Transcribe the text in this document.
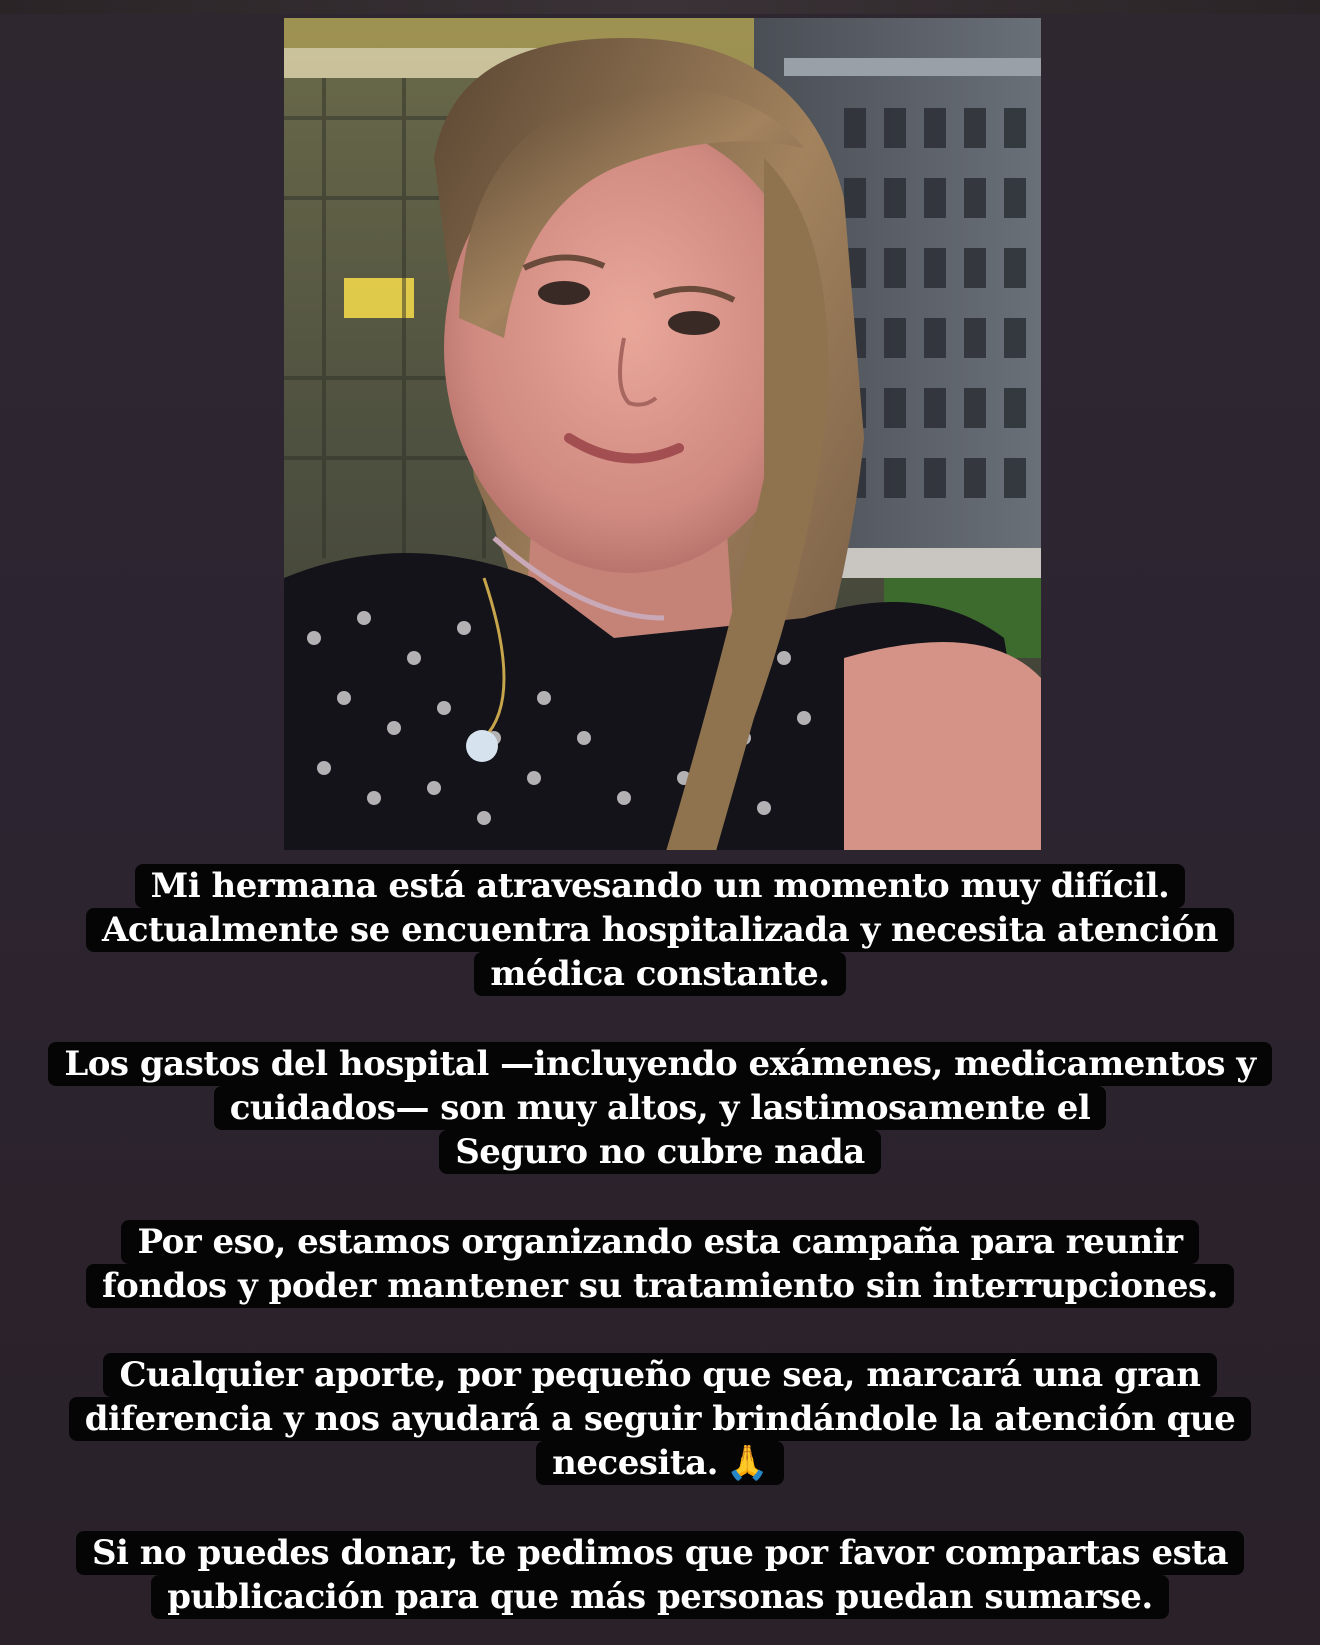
Mi hermana está atravesando un momento muy difícil.
Actualmente se encuentra hospitalizada y necesita atención
médica constante.
Los gastos del hospital —incluyendo exámenes, medicamentos y
cuidados— son muy altos, y lastimosamente el
Seguro no cubre nada
Por eso, estamos organizando esta campaña para reunir
fondos y poder mantener su tratamiento sin interrupciones.
Cualquier aporte, por pequeño que sea, marcará una gran
diferencia y nos ayudará a seguir brindándole la atención que
necesita. 🙏
Si no puedes donar, te pedimos que por favor compartas esta
publicación para que más personas puedan sumarse.
